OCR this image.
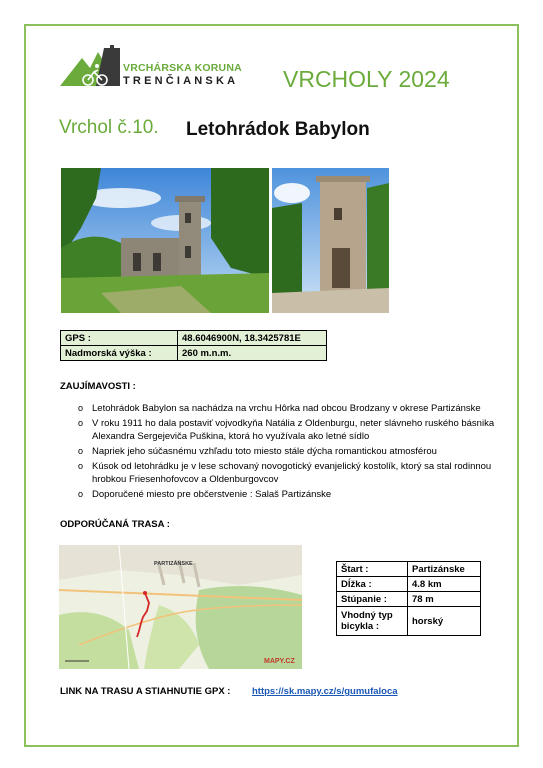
VRCHÁRSKA KORUNA
TRENČIANSKA VRCHOLY 2024
Vrchol č.10. Letohrádok Babylon
GPS :	48.6046900N, 18.3425781E
Nadmorská výška :	260 m.n.m.
ZAUJÍMAVOSTI :
o Letohrádok Babylon sa nachádza na vrchu Hôrka nad obcou Brodzany v okrese Partizánske
o V roku 1911 ho dala postaviť vojvodkyňa Natália z Oldenburgu, neter slávneho ruského básnika Alexandra Sergejeviča Puškina, ktorá ho využívala ako letné sídlo
o Napriek jeho súčasnému vzhľadu toto miesto stále dýcha romantickou atmosférou
o Kúsok od letohrádku je v lese schovaný novogotický evanjelický kostolík, ktorý sa stal rodinnou hrobkou Friesenhofovcov a Oldenburgovcov
o Doporučené miesto pre občerstvenie : Salaš Partizánske
ODPORÚČANÁ TRASA :
PARTIZÁNSKE
MAPY.CZ
Štart :	Partizánske
Dĺžka :	4.8 km
Stúpanie :	78 m
Vhodný typ bicykla :	horský
LINK NA TRASU A STIAHNUTIE GPX : https://sk.mapy.cz/s/gumufaloca
